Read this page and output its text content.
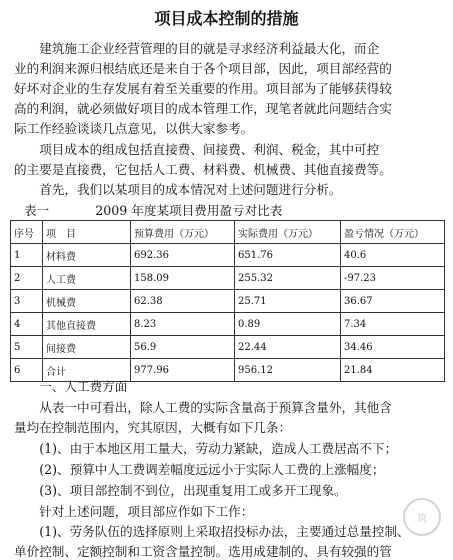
项目成本控制的措施
　　建筑施工企业经营管理的目的就是寻求经济利益最大化，而企
业的利润来源归根结底还是来自于各个项目部，因此，项目部经营的
好坏对企业的生存发展有着至关重要的作用。项目部为了能够获得较
高的利润，就必须做好项目的成本管理工作，现笔者就此问题结合实
际工作经验谈谈几点意见，以供大家参考。
　　项目成本的组成包括直接费、间接费、利润、税金，其中可控
的主要是直接费，它包括人工费、材料费、机械费、其他直接费等。
　　首先，我们以某项目的成本情况对上述问题进行分析。
表一	2009 年度某项目费用盈亏对比表
序号	项　目	预算费用（万元）	实际费用（万元）	盈亏情况（万元）
1	材料费	692.36	651.76	40.6
2	人工费	158.09	255.32	-97.23
3	机械费	62.38	25.71	36.67
4	其他直接费	8.23	0.89	7.34
5	间接费	56.9	22.44	34.46
6	合计	977.96	956.12	21.84
　　一、人工费方面
　　从表一中可看出，除人工费的实际含量高于预算含量外，其他含
量均在控制范围内，究其原因，大概有如下几条：
　　(1)、由于本地区用工量大，劳动力紧缺，造成人工费居高不下；
　　(2)、预算中人工费调差幅度远远小于实际人工费的上涨幅度；
　　(3)、项目部控制不到位，出现重复用工或多开工现象。
　　针对上述问题，项目部应作如下工作：
　　(1)、劳务队伍的选择原则上采取招投标办法，主要通过总量控制、
单价控制、定额控制和工资含量控制。选用成建制的、具有较强的管
筑
